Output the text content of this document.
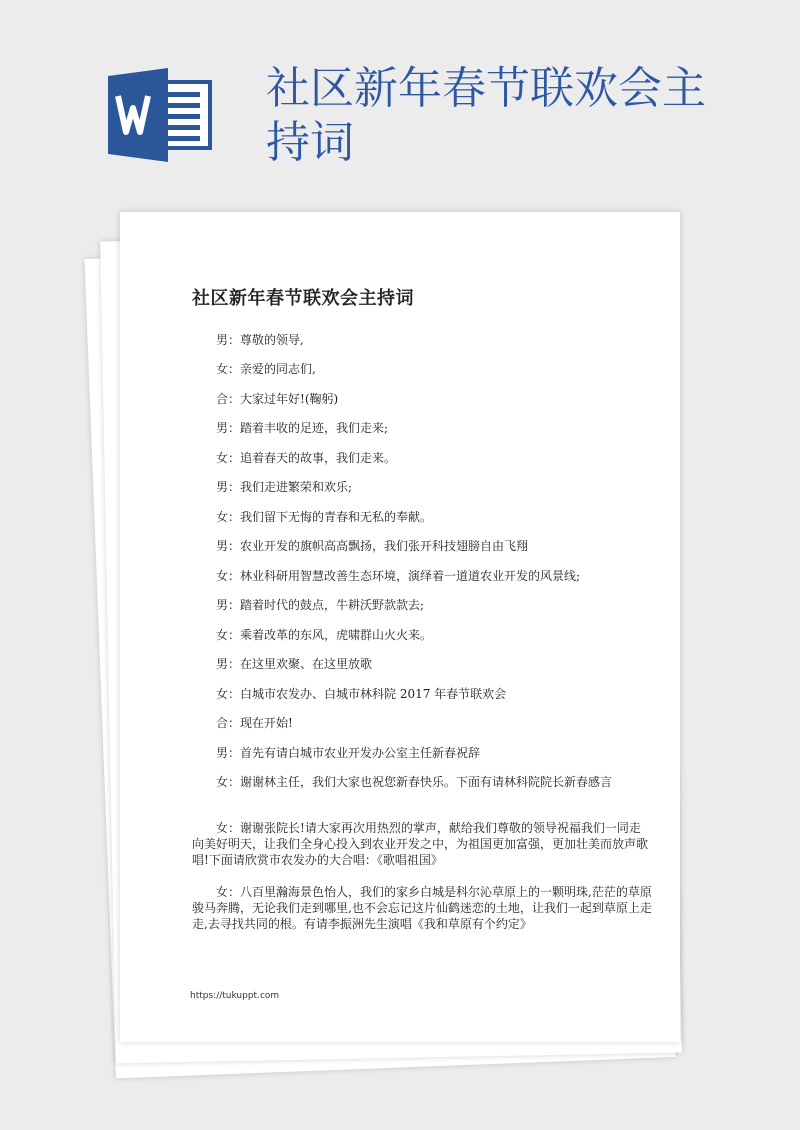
社区新年春节联欢会主持词
社区新年春节联欢会主持词
男：尊敬的领导,
女：亲爱的同志们,
合：大家过年好!(鞠躬)
男：踏着丰收的足迹，我们走来;
女：追着春天的故事，我们走来。
男：我们走进繁荣和欢乐;
女：我们留下无悔的青春和无私的奉献。
男：农业开发的旗帜高高飘扬，我们张开科技翅膀自由飞翔
女：林业科研用智慧改善生态环境，演绎着一道道农业开发的风景线;
男：踏着时代的鼓点，牛耕沃野款款去;
女：乘着改革的东风，虎啸群山火火来。
男：在这里欢聚、在这里放歌
女：白城市农发办、白城市林科院 2017 年春节联欢会
合：现在开始!
男：首先有请白城市农业开发办公室主任新春祝辞
女：谢谢林主任，我们大家也祝您新春快乐。下面有请林科院院长新春感言
女：谢谢张院长!请大家再次用热烈的掌声，献给我们尊敬的领导祝福我们一同走向美好明天，让我们全身心投入到农业开发之中，为祖国更加富强，更加壮美而放声歌唱!下面请欣赏市农发办的大合唱：《歌唱祖国》
女：八百里瀚海景色怡人，我们的家乡白城是科尔沁草原上的一颗明珠,茫茫的草原骏马奔腾，无论我们走到哪里,也不会忘记这片仙鹤迷恋的土地，让我们一起到草原上走走,去寻找共同的根。有请李振洲先生演唱《我和草原有个约定》
https://tukuppt.com
